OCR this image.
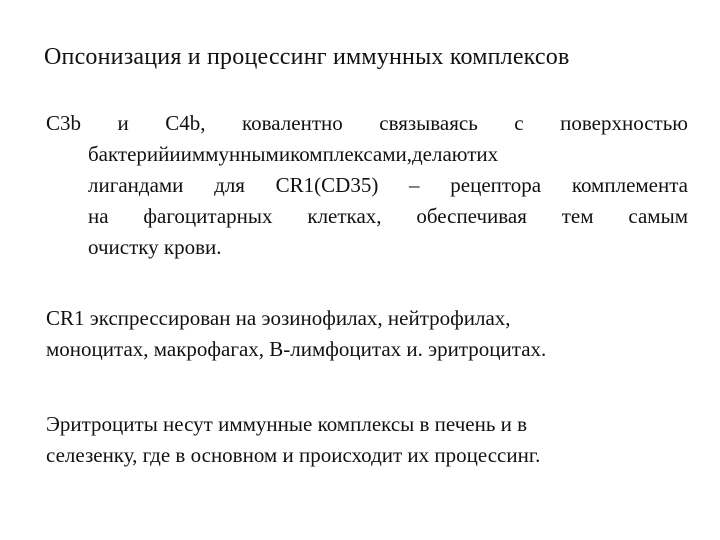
Опсонизация и процессинг иммунных комплексов
C3b и C4b, ковалентно связываясь с поверхностью
бактерийииммуннымикомплексами,делаютих
лигандами для CR1(CD35) – рецептора комплемента
на фагоцитарных клетках, обеспечивая тем самым
очистку крови.
CR1 экспрессирован на эозинофилах, нейтрофилах,
моноцитах, макрофагах, B-лимфоцитах и. эритроцитах.
Эритроциты несут иммунные комплексы в печень и в
селезенку, где в основном и происходит их процессинг.
